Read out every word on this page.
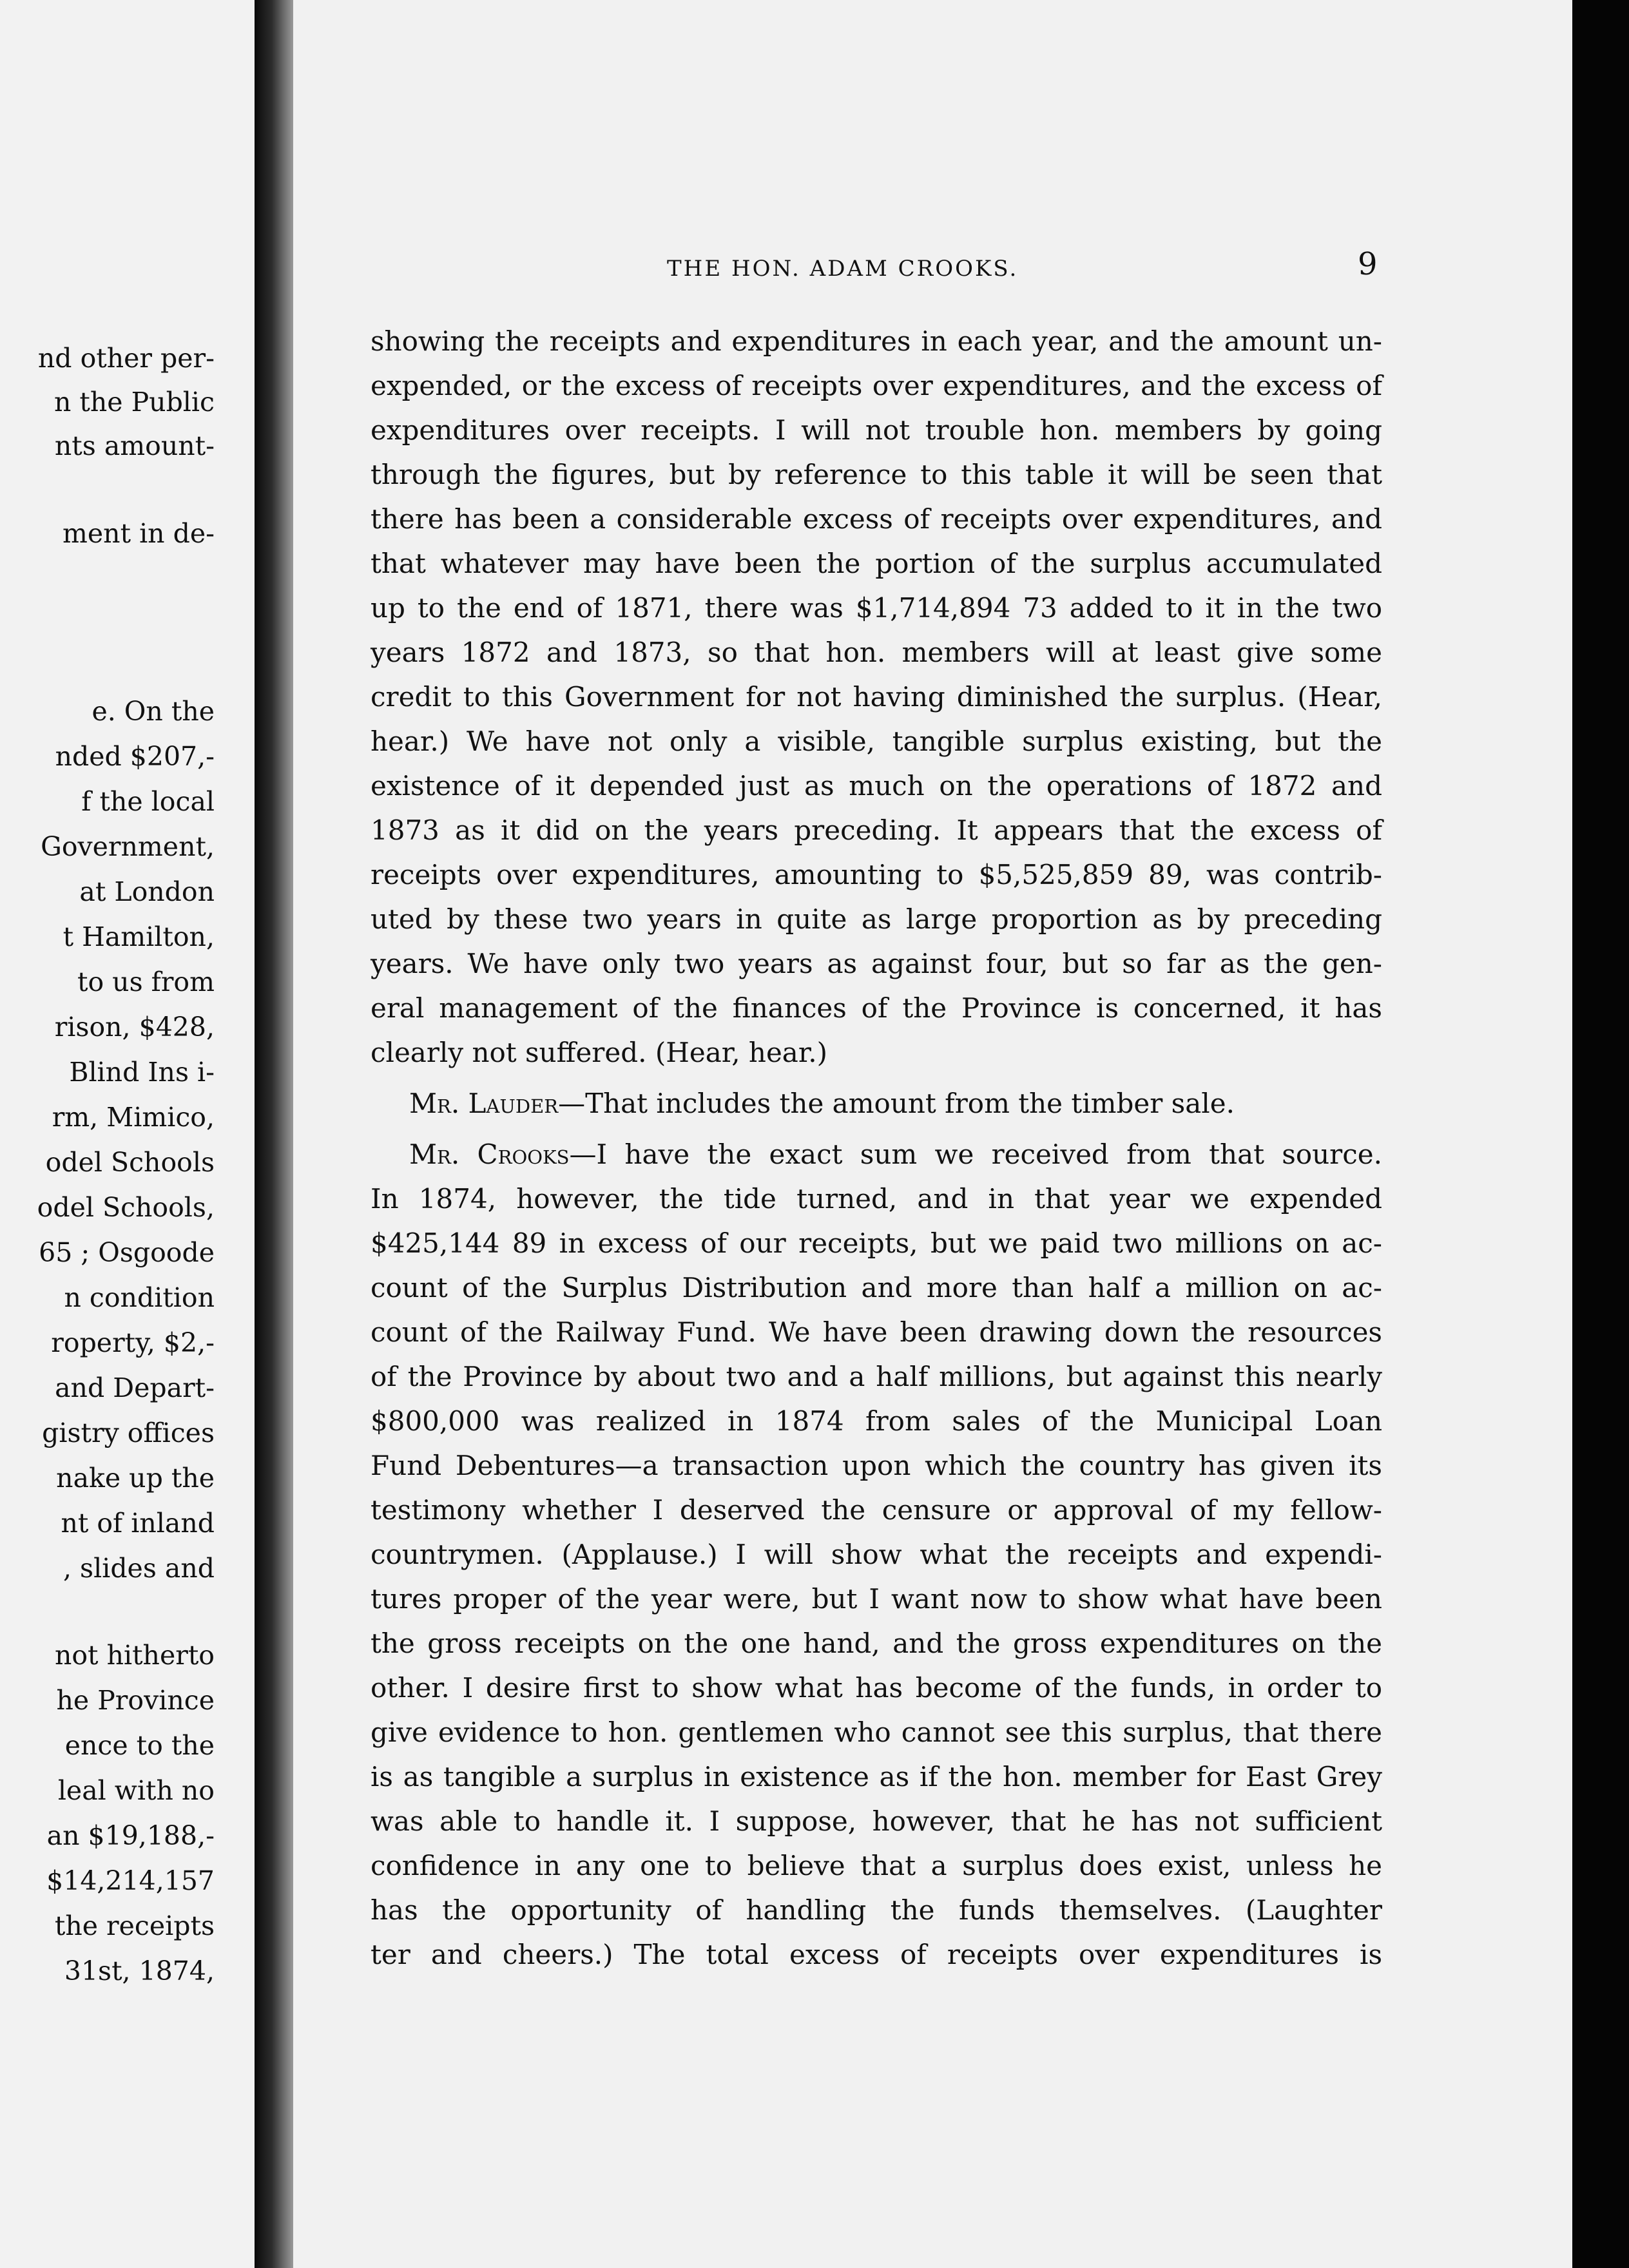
nd other per-
n the Public
nts amount-
ment in de-
e. On the
nded $207,-
f the local
Government,
at London
t Hamilton,
to us from
rison, $428,
Blind Ins i-
rm, Mimico,
odel Schools
odel Schools,
65 ; Osgoode
n condition
roperty, $2,-
and Depart-
gistry offices
nake up the
nt of inland
, slides and
not hitherto
he Province
ence to the
leal with no
an $19,188,-
$14,214,157
the receipts
31st, 1874,
THE HON. ADAM CROOKS.	9
showing the receipts and expenditures in each year, and the amount un-
expended, or the excess of receipts over expenditures, and the excess of
expenditures over receipts. I will not trouble hon. members by going
through the figures, but by reference to this table it will be seen that
there has been a considerable excess of receipts over expenditures, and
that whatever may have been the portion of the surplus accumulated
up to the end of 1871, there was $1,714,894 73 added to it in the two
years 1872 and 1873, so that hon. members will at least give some
credit to this Government for not having diminished the surplus. (Hear,
hear.) We have not only a visible, tangible surplus existing, but the
existence of it depended just as much on the operations of 1872 and
1873 as it did on the years preceding. It appears that the excess of
receipts over expenditures, amounting to $5,525,859 89, was contrib-
uted by these two years in quite as large proportion as by preceding
years. We have only two years as against four, but so far as the gen-
eral management of the finances of the Province is concerned, it has
clearly not suffered. (Hear, hear.)
Mr. Lauder—That includes the amount from the timber sale.
Mr. Crooks—I have the exact sum we received from that source.
In 1874, however, the tide turned, and in that year we expended
$425,144 89 in excess of our receipts, but we paid two millions on ac-
count of the Surplus Distribution and more than half a million on ac-
count of the Railway Fund. We have been drawing down the resources
of the Province by about two and a half millions, but against this nearly
$800,000 was realized in 1874 from sales of the Municipal Loan
Fund Debentures—a transaction upon which the country has given its
testimony whether I deserved the censure or approval of my fellow-
countrymen. (Applause.) I will show what the receipts and expendi-
tures proper of the year were, but I want now to show what have been
the gross receipts on the one hand, and the gross expenditures on the
other. I desire first to show what has become of the funds, in order to
give evidence to hon. gentlemen who cannot see this surplus, that there
is as tangible a surplus in existence as if the hon. member for East Grey
was able to handle it. I suppose, however, that he has not sufficient
confidence in any one to believe that a surplus does exist, unless he
has the opportunity of handling the funds themselves. (Laughter
ter and cheers.) The total excess of receipts over expenditures is
